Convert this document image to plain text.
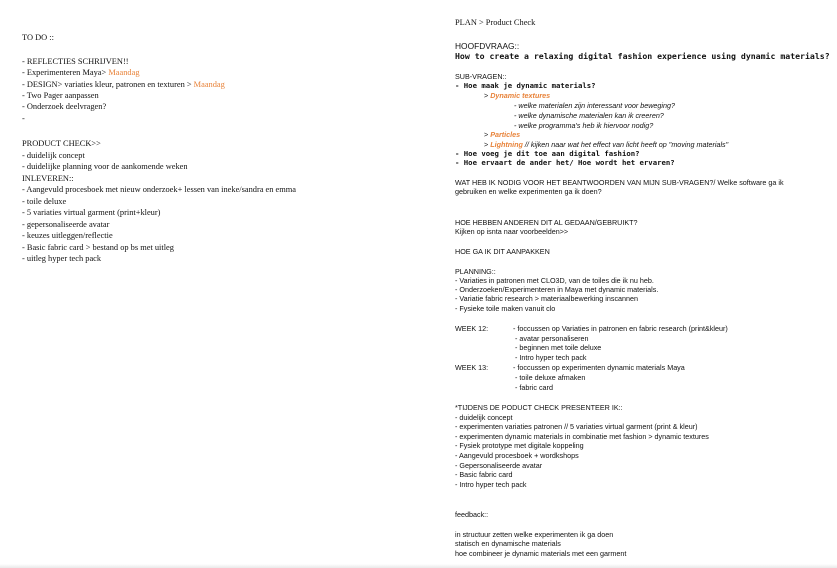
TO DO ::
- REFLECTIES SCHRIJVEN!!
- Experimenteren Maya> Maandag
- DESIGN> variaties kleur, patronen en texturen > Maandag
- Two Pager aanpassen
- Onderzoek deelvragen?
-
PRODUCT CHECK>>
- duidelijk concept
- duidelijke planning voor de aankomende weken
INLEVEREN::
- Aangevuld procesboek met nieuw onderzoek+ lessen van ineke/sandra en emma
- toile deluxe
- 5 variaties virtual garment (print+kleur)
- gepersonaliseerde avatar
- keuzes uitleggen/reflectie
- Basic fabric card > bestand op bs met uitleg
- uitleg hyper tech pack
PLAN > Product Check
HOOFDVRAAG::
How to create a relaxing digital fashion experience using dynamic materials?
SUB-VRAGEN::
- Hoe maak je dynamic materials?
> Dynamic textures
- welke materialen zijn interessant voor beweging?
- welke dynamische materialen kan ik creeren?
- welke programma's heb ik hiervoor nodig?
> Particles
> Lightning // kijken naar wat het effect van licht heeft op "moving materials"
- Hoe voeg je dit toe aan digital fashion?
- Hoe ervaart de ander het/ Hoe wordt het ervaren?
WAT HEB IK NODIG VOOR HET BEANTWOORDEN VAN MIJN SUB-VRAGEN?/ Welke software ga ik
gebruiken en welke experimenten ga ik doen?
HOE HEBBEN ANDEREN DIT AL GEDAAN/GEBRUIKT?
Kijken op isnta naar voorbeelden>>
HOE GA IK DIT AANPAKKEN
PLANNING::
- Variaties in patronen met CLO3D, van de toiles die ik nu heb.
- Onderzoeken/Experimenteren in Maya met dynamic materials.
- Variatie fabric research > materiaalbewerking inscannen
- Fysieke toile maken vanuit clo
WEEK 12:	- foccussen op Variaties in patronen en fabric research (print&kleur)
- avatar personaliseren
- beginnen met toile deluxe
- Intro hyper tech pack
WEEK 13:	- foccussen op experimenten dynamic materials Maya
- toile deluxe afmaken
- fabric card
*TIJDENS DE PODUCT CHECK PRESENTEER IK::
- duidelijk concept
- experimenten variaties patronen // 5 variaties virtual garment (print & kleur)
- experimenten dynamic materials in combinatie met fashion > dynamic textures
- Fysiek prototype met digitale koppeling
- Aangevuld procesboek + wordkshops
- Gepersonaliseerde avatar
- Basic fabric card
- Intro hyper tech pack
feedback::
in structuur zetten welke experimenten ik ga doen
statisch en dynamische materials
hoe combineer je dynamic materials met een garment
